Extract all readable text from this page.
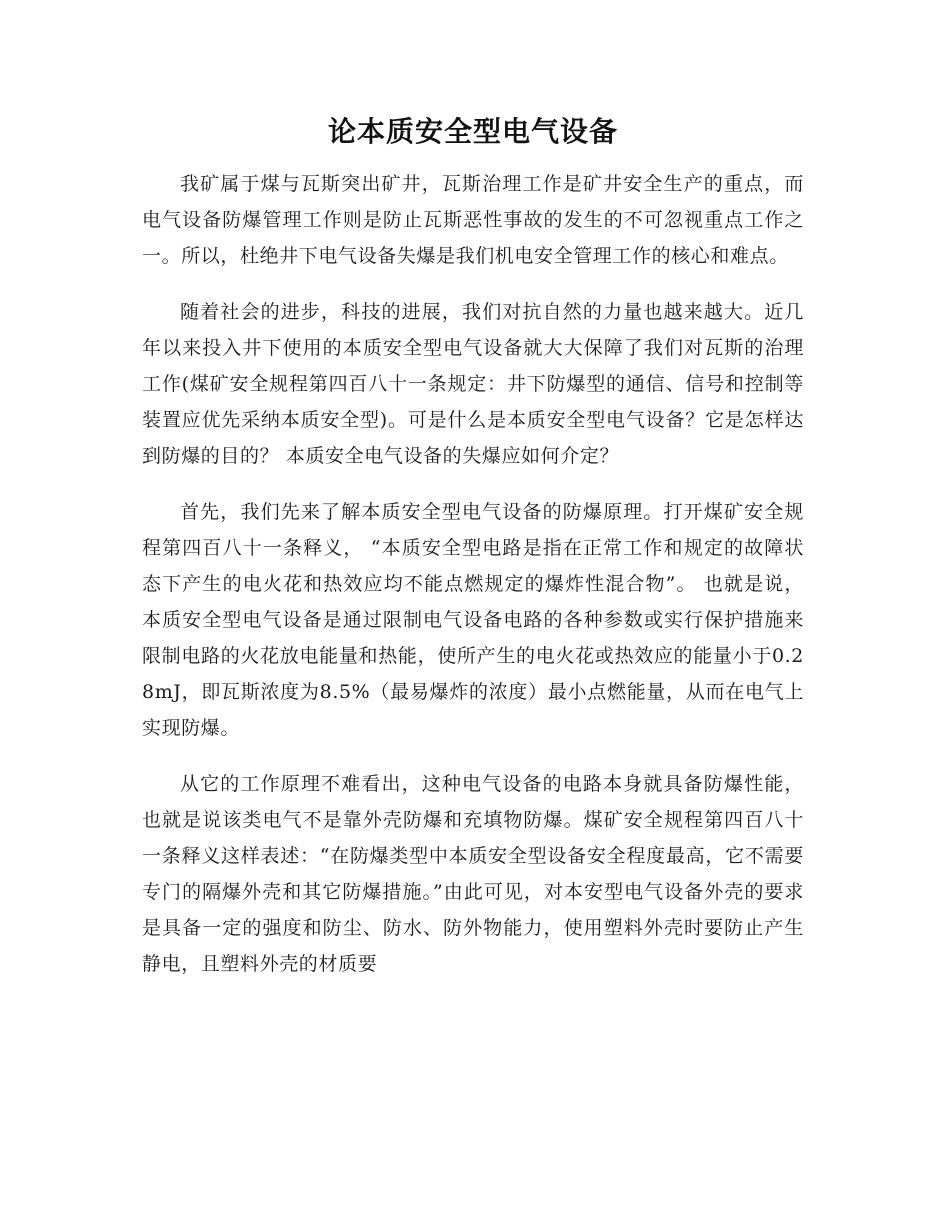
论本质安全型电气设备

我矿属于煤与瓦斯突出矿井，瓦斯治理工作是矿井安全生产的重点，而电气设备防爆管理工作则是防止瓦斯恶性事故的发生的不可忽视重点工作之一。所以，杜绝井下电气设备失爆是我们机电安全管理工作的核心和难点。

随着社会的进步，科技的进展，我们对抗自然的力量也越来越大。近几年以来投入井下使用的本质安全型电气设备就大大保障了我们对瓦斯的治理工作(煤矿安全规程第四百八十一条规定：井下防爆型的通信、信号和控制等装置应优先采纳本质安全型)。可是什么是本质安全型电气设备？它是怎样达到防爆的目的？ 本质安全电气设备的失爆应如何介定？

首先，我们先来了解本质安全型电气设备的防爆原理。打开煤矿安全规程第四百八十一条释义， “本质安全型电路是指在正常工作和规定的故障状态下产生的电火花和热效应均不能点燃规定的爆炸性混合物”。 也就是说，本质安全型电气设备是通过限制电气设备电路的各种参数或实行保护措施来限制电路的火花放电能量和热能，使所产生的电火花或热效应的能量小于0.28mJ，即瓦斯浓度为8.5%（最易爆炸的浓度）最小点燃能量，从而在电气上实现防爆。

从它的工作原理不难看出，这种电气设备的电路本身就具备防爆性能，也就是说该类电气不是靠外壳防爆和充填物防爆。煤矿安全规程第四百八十一条释义这样表述：“在防爆类型中本质安全型设备安全程度最高，它不需要专门的隔爆外壳和其它防爆措施。”由此可见，对本安型电气设备外壳的要求是具备一定的强度和防尘、防水、防外物能力，使用塑料外壳时要防止产生静电，且塑料外壳的材质要
